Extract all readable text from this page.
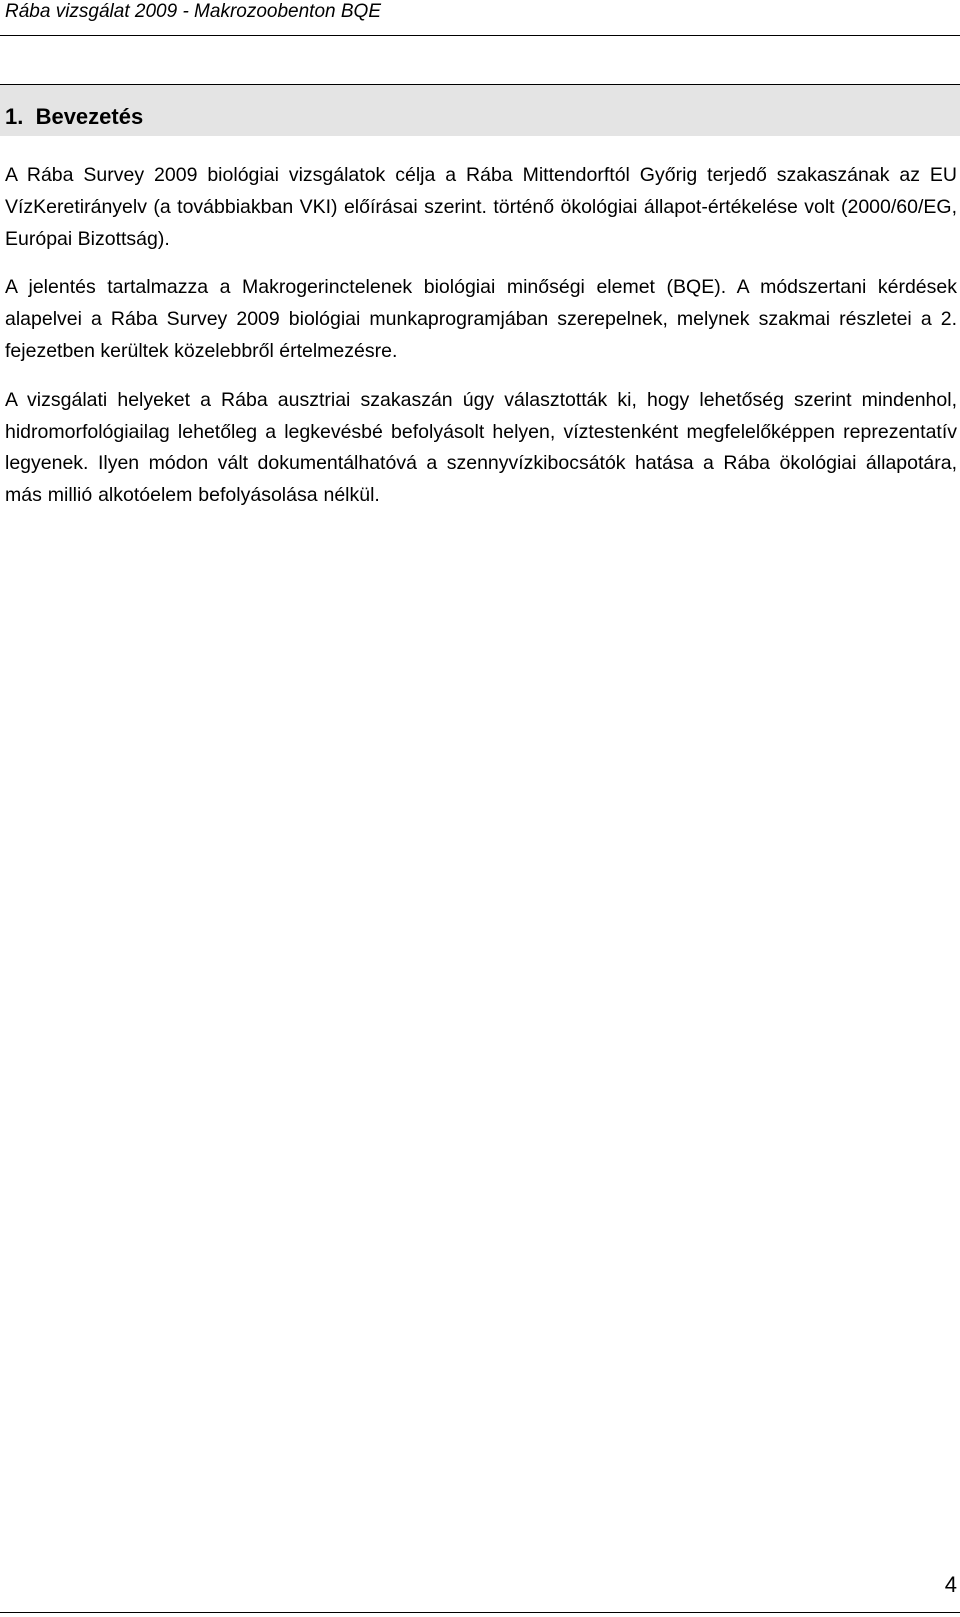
Rába vizsgálat 2009 - Makrozoobenton BQE
1.  Bevezetés

A Rába Survey 2009 biológiai vizsgálatok célja a Rába Mittendorftól Győrig terjedő szakaszának az EU VízKeretirányelv (a továbbiakban VKI) előírásai szerint. történő ökológiai állapot-értékelése volt (2000/60/EG, Európai Bizottság).

A jelentés tartalmazza a Makrogerinctelenek biológiai minőségi elemet (BQE). A módszertani kérdések alapelvei a Rába Survey 2009 biológiai munkaprogramjában szerepelnek, melynek szakmai részletei a 2. fejezetben kerültek közelebbről értelmezésre.

A vizsgálati helyeket a Rába ausztriai szakaszán úgy választották ki, hogy lehetőség szerint mindenhol, hidromorfológiailag lehetőleg a legkevésbé befolyásolt helyen, víztestenként megfelelőképpen reprezentatív legyenek. Ilyen módon vált dokumentálhatóvá a szennyvízkibocsátók hatása a Rába ökológiai állapotára, más millió alkotóelem befolyásolása nélkül.

4
